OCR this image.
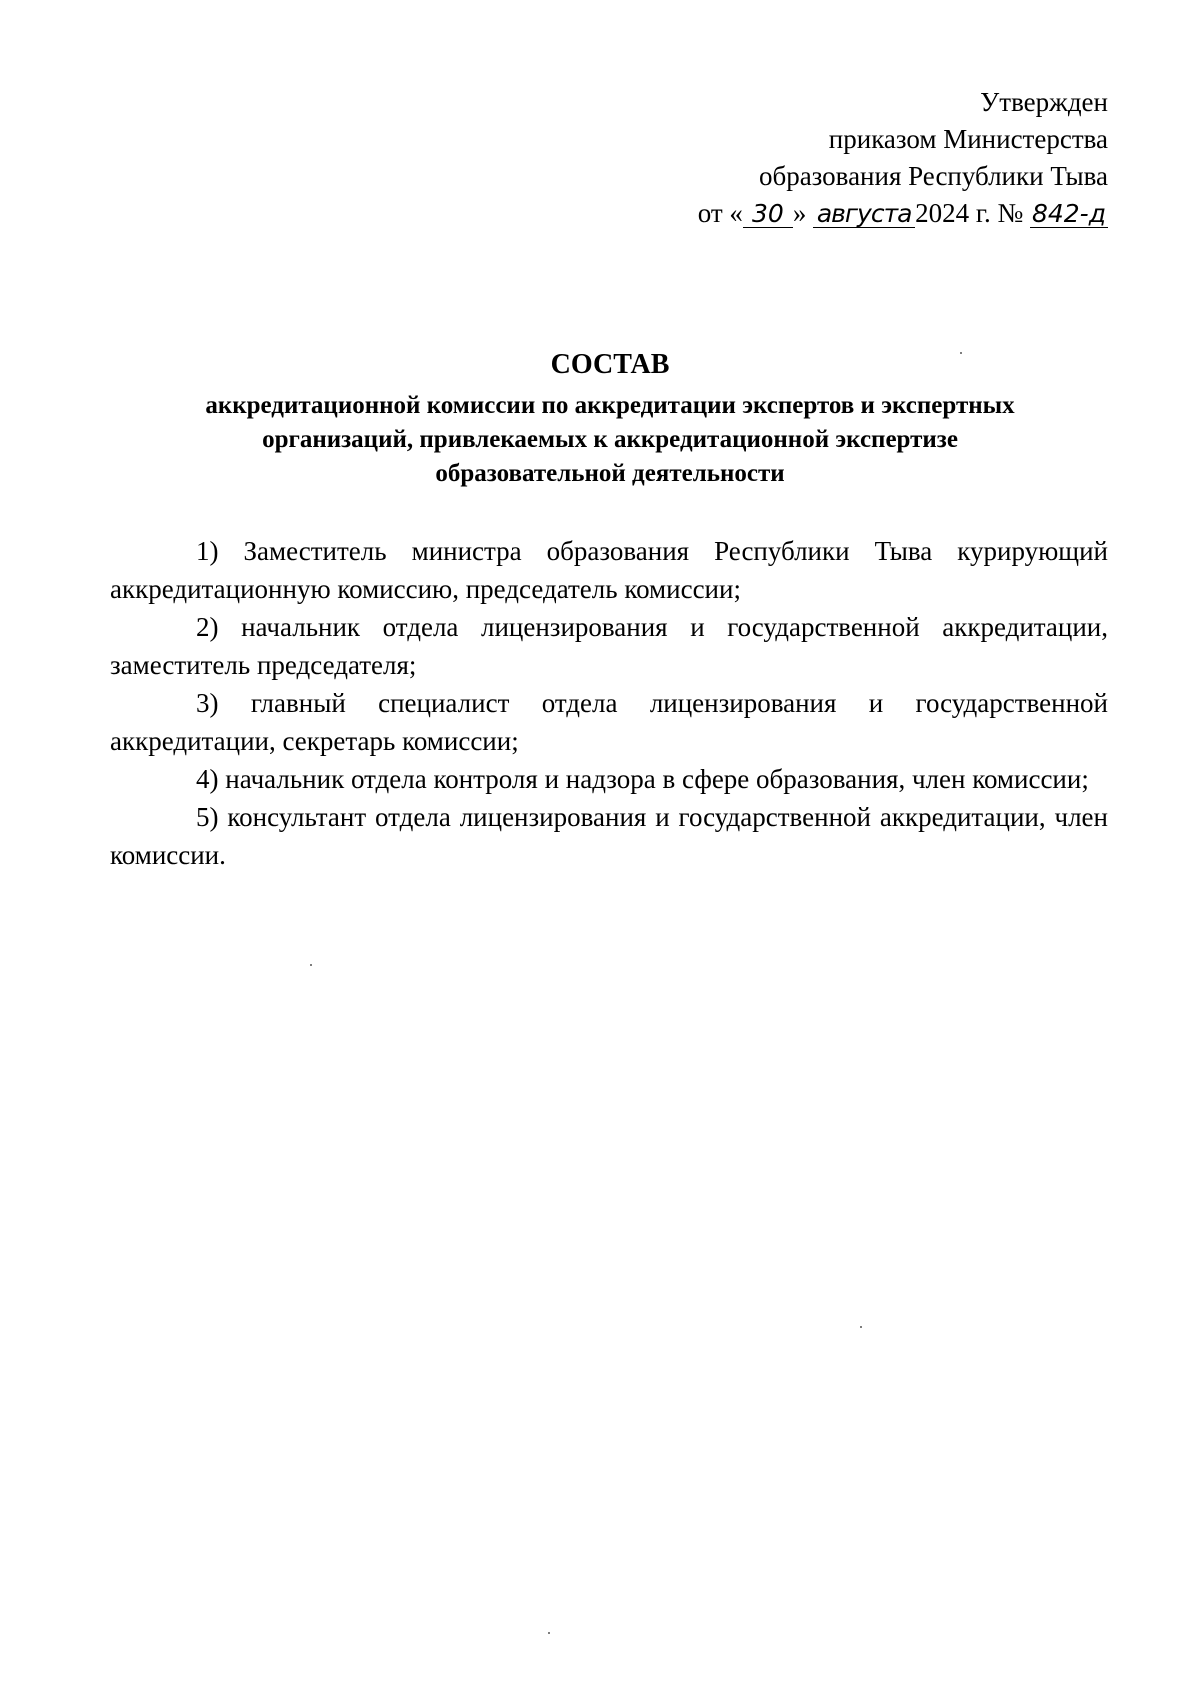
Утвержден
приказом Министерства
образования Республики Тыва
от « 30 » августа 2024 г. № 842-д
СОСТАВ
аккредитационной комиссии по аккредитации экспертов и экспертных
организаций, привлекаемых к аккредитационной экспертизе
образовательной деятельности

1) Заместитель министра образования Республики Тыва курирующий аккредитационную комиссию, председатель комиссии;

2) начальник отдела лицензирования и государственной аккредитации, заместитель председателя;

3) главный специалист отдела лицензирования и государственной аккредитации, секретарь комиссии;

4) начальник отдела контроля и надзора в сфере образования, член комиссии;

5) консультант отдела лицензирования и государственной аккредитации, член комиссии.
